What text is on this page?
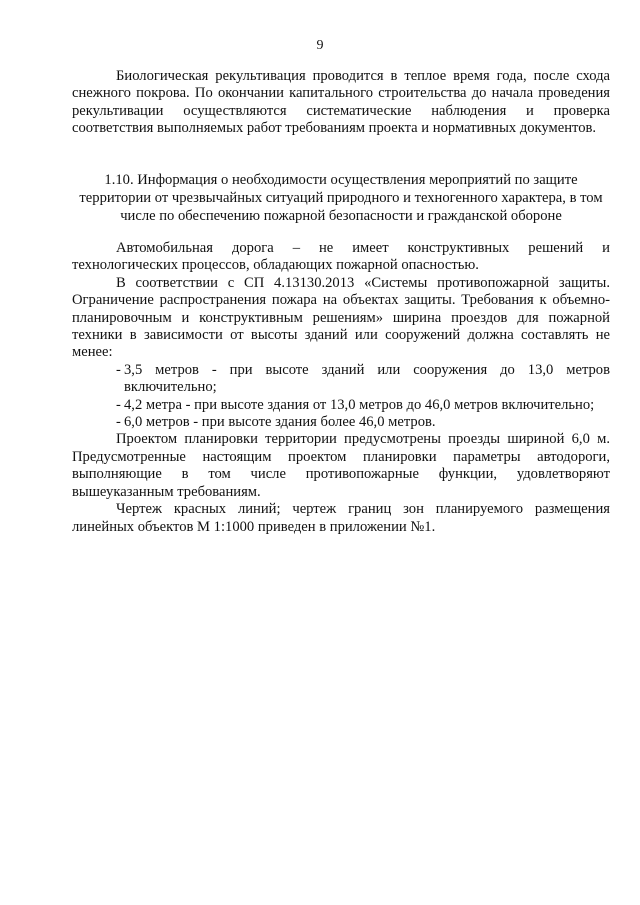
9

Биологическая рекультивация проводится в теплое время года, после схода снежного покрова. По окончании капитального строительства до начала проведения рекультивации осуществляются систематические наблюдения и проверка соответствия выполняемых работ требованиям проекта и нормативных документов.

1.10. Информация о необходимости осуществления мероприятий по защите территории от чрезвычайных ситуаций природного и техногенного характера, в том числе по обеспечению пожарной безопасности и гражданской обороне

Автомобильная дорога – не имеет конструктивных решений и технологических процессов, обладающих пожарной опасностью.

В соответствии с СП 4.13130.2013 «Системы противопожарной защиты. Ограничение распространения пожара на объектах защиты. Требования к объемно-планировочным и конструктивным решениям» ширина проездов для пожарной техники в зависимости от высоты зданий или сооружений должна составлять не менее:

- 3,5 метров - при высоте зданий или сооружения до 13,0 метров включительно;
- 4,2 метра - при высоте здания от 13,0 метров до 46,0 метров включительно;
- 6,0 метров - при высоте здания более 46,0 метров.

Проектом планировки территории предусмотрены проезды шириной 6,0 м. Предусмотренные настоящим проектом планировки параметры автодороги, выполняющие в том числе противопожарные функции, удовлетворяют вышеуказанным требованиям.

Чертеж красных линий; чертеж границ зон планируемого размещения линейных объектов М 1:1000 приведен в приложении №1.
